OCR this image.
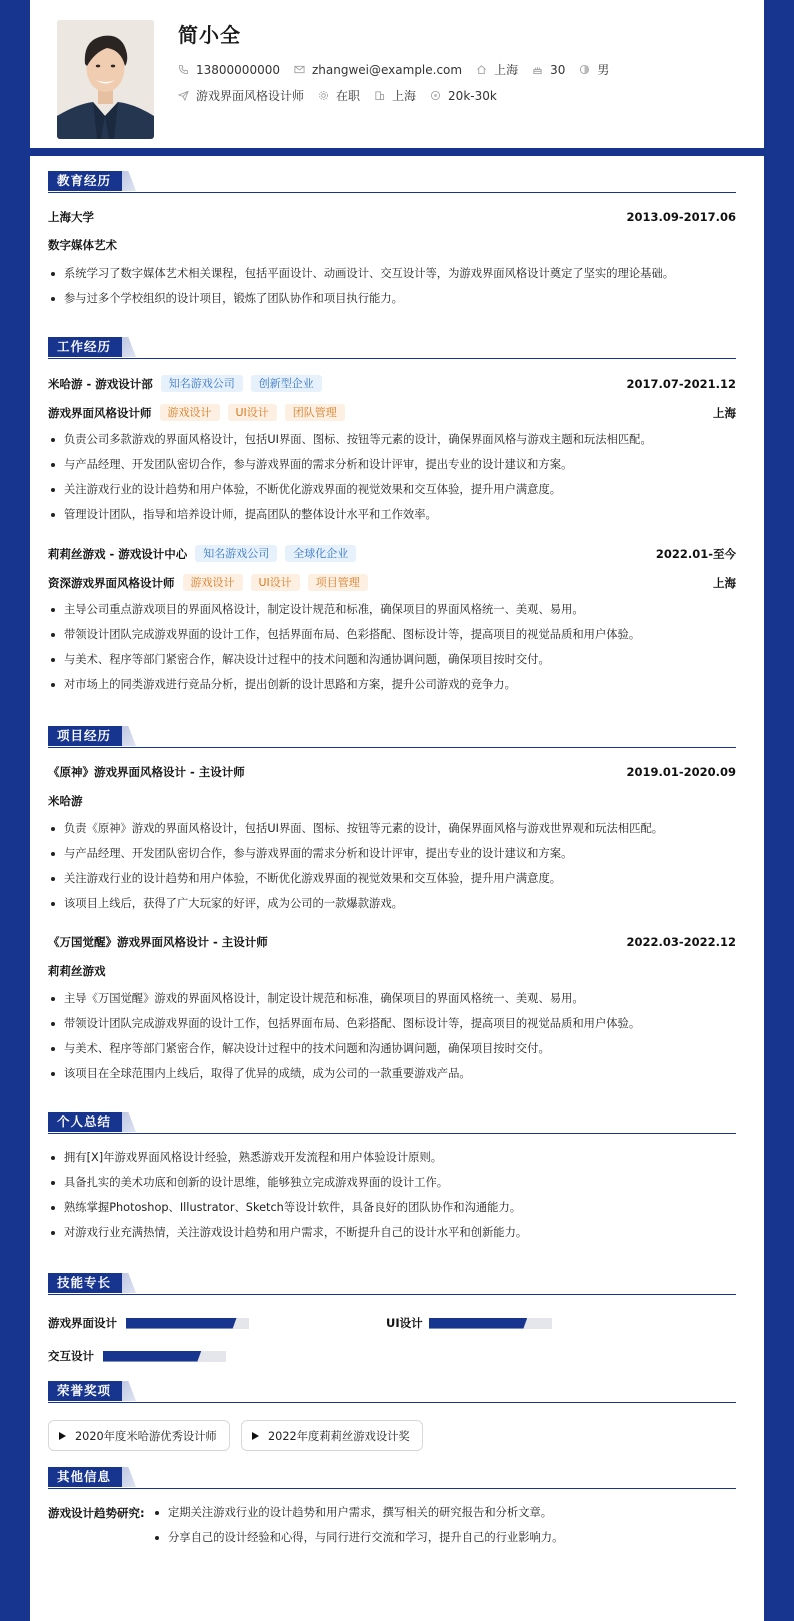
简小全
13800000000	zhangwei@example.com	上海	30	男
游戏界面风格设计师	在职	上海	20k-30k
教育经历
上海大学	2013.09-2017.06
数字媒体艺术
系统学习了数字媒体艺术相关课程，包括平面设计、动画设计、交互设计等，为游戏界面风格设计奠定了坚实的理论基础。
参与过多个学校组织的设计项目，锻炼了团队协作和项目执行能力。
工作经历
米哈游 - 游戏设计部	知名游戏公司	创新型企业	2017.07-2021.12
游戏界面风格设计师	游戏设计	UI设计	团队管理	上海
负责公司多款游戏的界面风格设计，包括UI界面、图标、按钮等元素的设计，确保界面风格与游戏主题和玩法相匹配。
与产品经理、开发团队密切合作，参与游戏界面的需求分析和设计评审，提出专业的设计建议和方案。
关注游戏行业的设计趋势和用户体验，不断优化游戏界面的视觉效果和交互体验，提升用户满意度。
管理设计团队，指导和培养设计师，提高团队的整体设计水平和工作效率。
莉莉丝游戏 - 游戏设计中心	知名游戏公司	全球化企业	2022.01-至今
资深游戏界面风格设计师	游戏设计	UI设计	项目管理	上海
主导公司重点游戏项目的界面风格设计，制定设计规范和标准，确保项目的界面风格统一、美观、易用。
带领设计团队完成游戏界面的设计工作，包括界面布局、色彩搭配、图标设计等，提高项目的视觉品质和用户体验。
与美术、程序等部门紧密合作，解决设计过程中的技术问题和沟通协调问题，确保项目按时交付。
对市场上的同类游戏进行竞品分析，提出创新的设计思路和方案，提升公司游戏的竞争力。
项目经历
《原神》游戏界面风格设计 - 主设计师	2019.01-2020.09
米哈游
负责《原神》游戏的界面风格设计，包括UI界面、图标、按钮等元素的设计，确保界面风格与游戏世界观和玩法相匹配。
与产品经理、开发团队密切合作，参与游戏界面的需求分析和设计评审，提出专业的设计建议和方案。
关注游戏行业的设计趋势和用户体验，不断优化游戏界面的视觉效果和交互体验，提升用户满意度。
该项目上线后，获得了广大玩家的好评，成为公司的一款爆款游戏。
《万国觉醒》游戏界面风格设计 - 主设计师	2022.03-2022.12
莉莉丝游戏
主导《万国觉醒》游戏的界面风格设计，制定设计规范和标准，确保项目的界面风格统一、美观、易用。
带领设计团队完成游戏界面的设计工作，包括界面布局、色彩搭配、图标设计等，提高项目的视觉品质和用户体验。
与美术、程序等部门紧密合作，解决设计过程中的技术问题和沟通协调问题，确保项目按时交付。
该项目在全球范围内上线后，取得了优异的成绩，成为公司的一款重要游戏产品。
个人总结
拥有[X]年游戏界面风格设计经验，熟悉游戏开发流程和用户体验设计原则。
具备扎实的美术功底和创新的设计思维，能够独立完成游戏界面的设计工作。
熟练掌握Photoshop、Illustrator、Sketch等设计软件，具备良好的团队协作和沟通能力。
对游戏行业充满热情，关注游戏设计趋势和用户需求，不断提升自己的设计水平和创新能力。
技能专长
游戏界面设计	UI设计
交互设计
荣誉奖项
2020年度米哈游优秀设计师	2022年度莉莉丝游戏设计奖
其他信息
游戏设计趋势研究:	定期关注游戏行业的设计趋势和用户需求，撰写相关的研究报告和分析文章。
分享自己的设计经验和心得，与同行进行交流和学习，提升自己的行业影响力。
